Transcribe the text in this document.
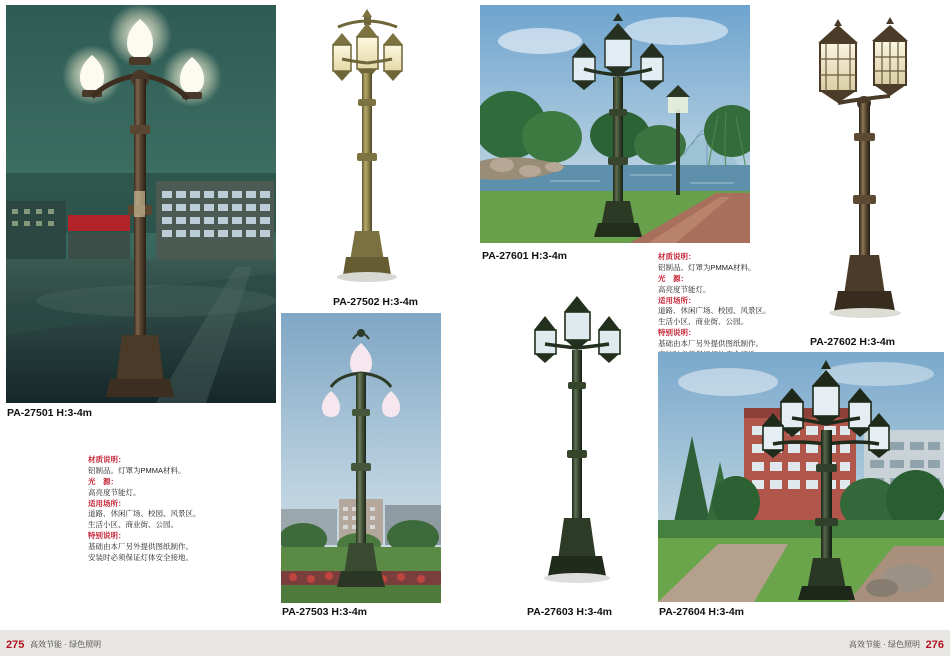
PA-27501 H:3-4m
材质说明：
铝制品。灯罩为PMMA材料。
光　源：
高亮度节能灯。
适用场所：
道路、休闲广场、校园、风景区。
生活小区、商业街、公园。
特别说明：
基础由本厂另外提供图纸制作。
安装时必须保证灯体安全接地。
PA-27502 H:3-4m
PA-27503 H:3-4m
PA-27601 H:3-4m	材质说明：
铝制品。灯罩为PMMA材料。
光　源：
高亮度节能灯。
适用场所：
道路、休闲广场、校园、风景区。
生活小区、商业街、公园。
特别说明：
基础由本厂另外提供图纸制作。	PA-27602 H:3-4m
PA-27603 H:3-4m	PA-27604 H:3-4m
275 高效节能 · 绿色照明	276
高效节能 · 绿色照明
